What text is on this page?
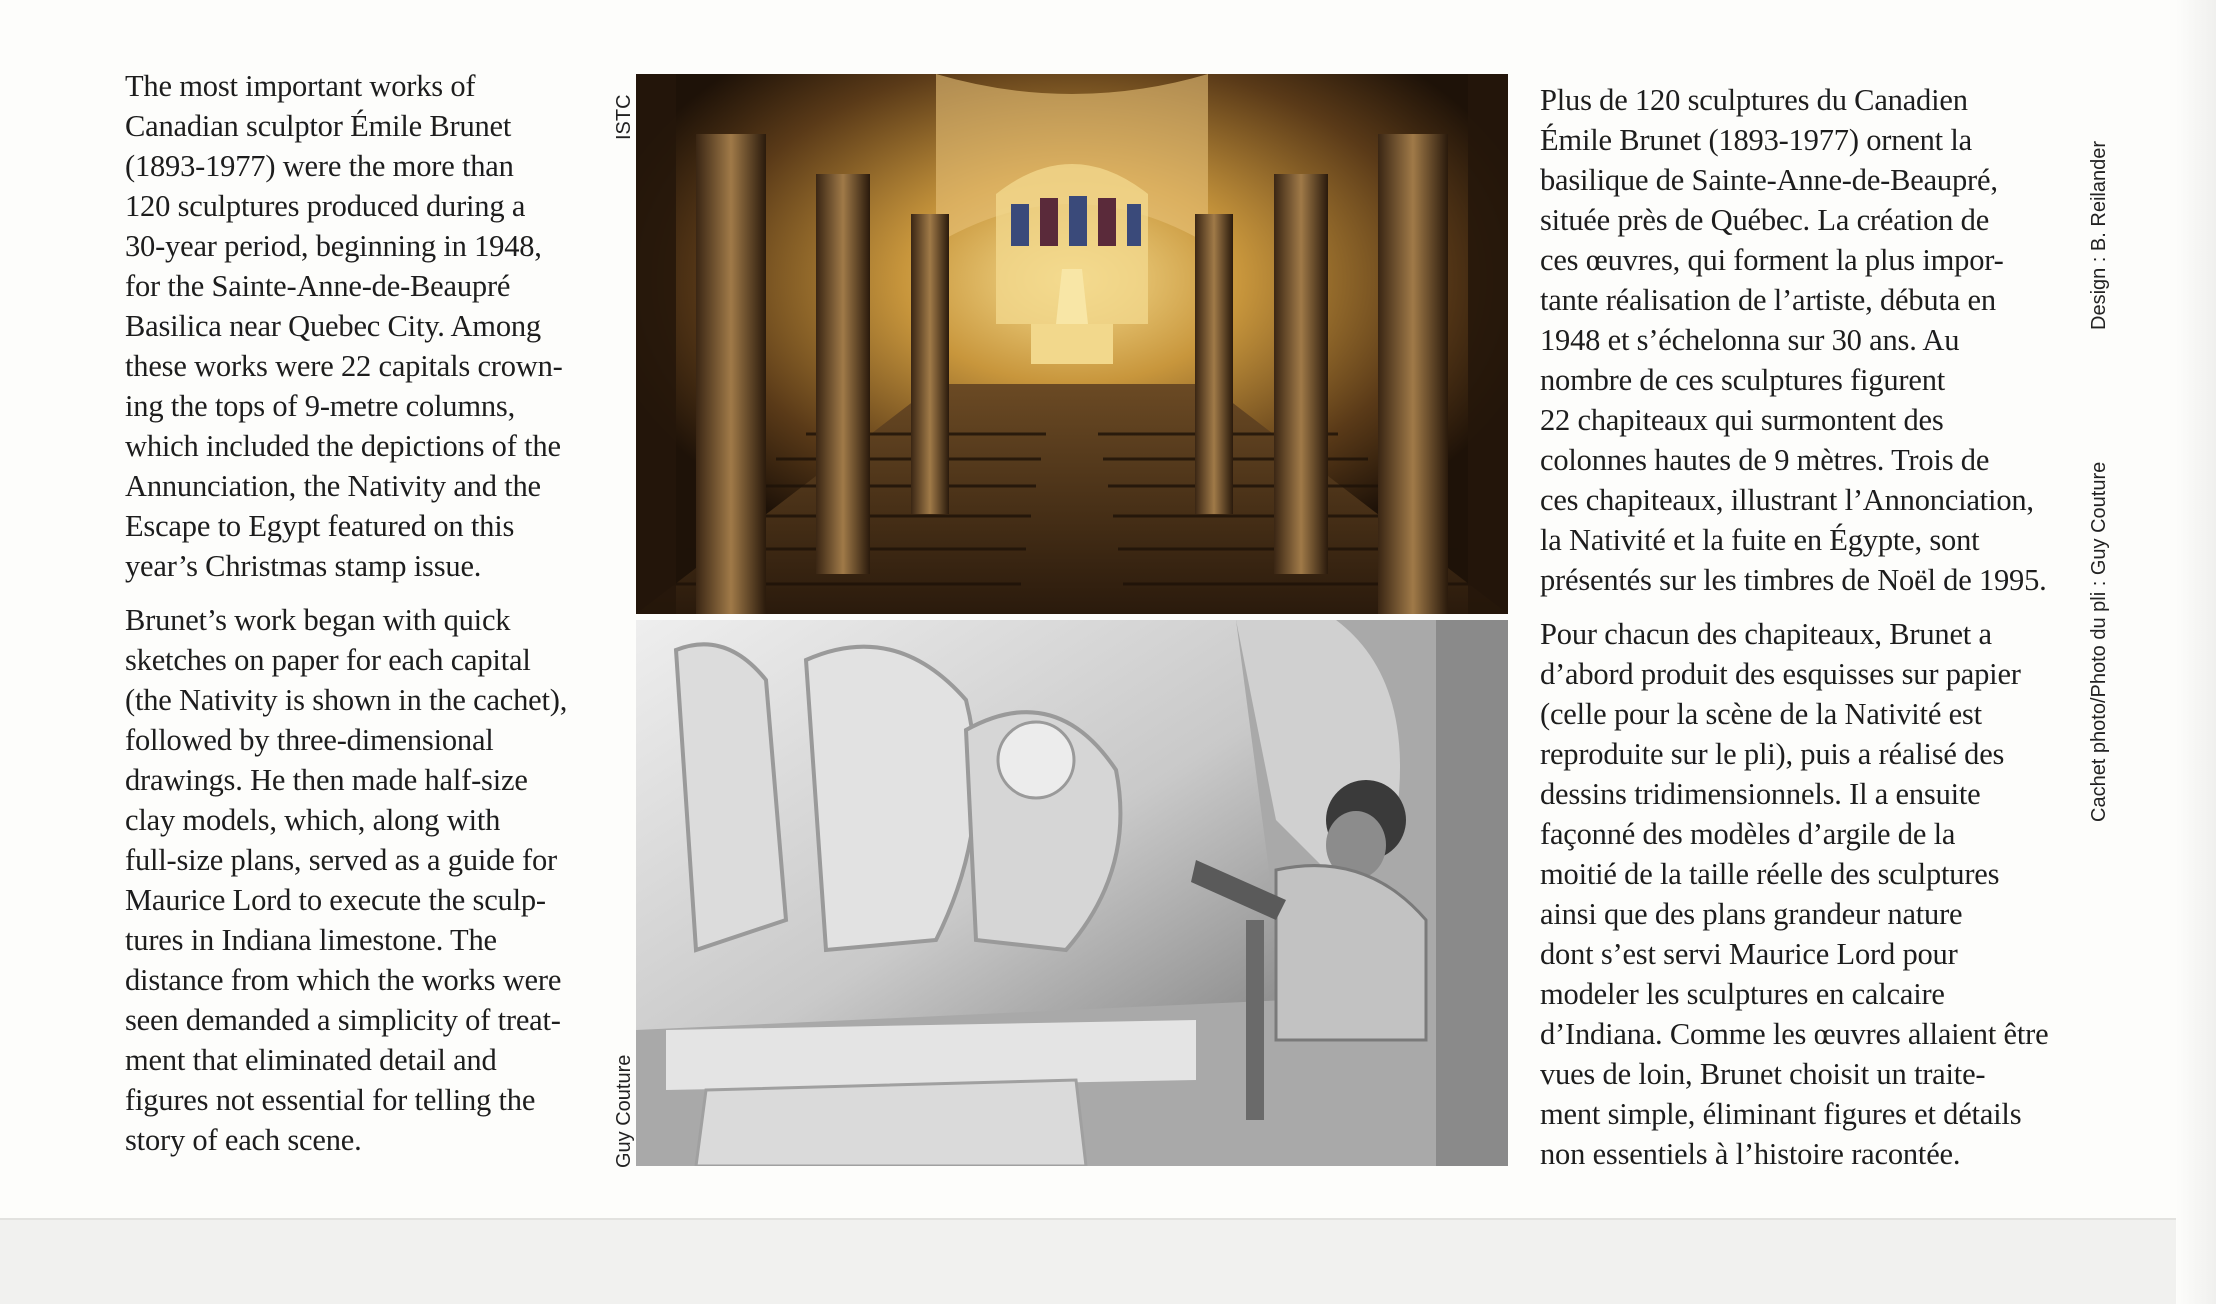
The most important works of
Canadian sculptor Émile Brunet
(1893-1977) were the more than
120 sculptures produced during a
30-year period, beginning in 1948,
for the Sainte-Anne-de-Beaupré
Basilica near Quebec City. Among
these works were 22 capitals crown-
ing the tops of 9-metre columns,
which included the depictions of the
Annunciation, the Nativity and the
Escape to Egypt featured on this
year’s Christmas stamp issue.
Brunet’s work began with quick
sketches on paper for each capital
(the Nativity is shown in the cachet),
followed by three-dimensional
drawings. He then made half-size
clay models, which, along with
full-size plans, served as a guide for
Maurice Lord to execute the sculp-
tures in Indiana limestone. The
distance from which the works were
seen demanded a simplicity of treat-
ment that eliminated detail and
figures not essential for telling the
story of each scene.
ISTC
Guy Couture
Plus de 120 sculptures du Canadien
Émile Brunet (1893-1977) ornent la
basilique de Sainte-Anne-de-Beaupré,
située près de Québec. La création de
ces œuvres, qui forment la plus impor-
tante réalisation de l’artiste, débuta en
1948 et s’échelonna sur 30 ans. Au
nombre de ces sculptures figurent
22 chapiteaux qui surmontent des
colonnes hautes de 9 mètres. Trois de
ces chapiteaux, illustrant l’Annonciation,
la Nativité et la fuite en Égypte, sont
présentés sur les timbres de Noël de 1995.
Pour chacun des chapiteaux, Brunet a
d’abord produit des esquisses sur papier
(celle pour la scène de la Nativité est
reproduite sur le pli), puis a réalisé des
dessins tridimensionnels. Il a ensuite
façonné des modèles d’argile de la
moitié de la taille réelle des sculptures
ainsi que des plans grandeur nature
dont s’est servi Maurice Lord pour
modeler les sculptures en calcaire
d’Indiana. Comme les œuvres allaient être
vues de loin, Brunet choisit un traite-
ment simple, éliminant figures et détails
non essentiels à l’histoire racontée.
Design : B. Reilander
Cachet photo/Photo du pli : Guy Couture
